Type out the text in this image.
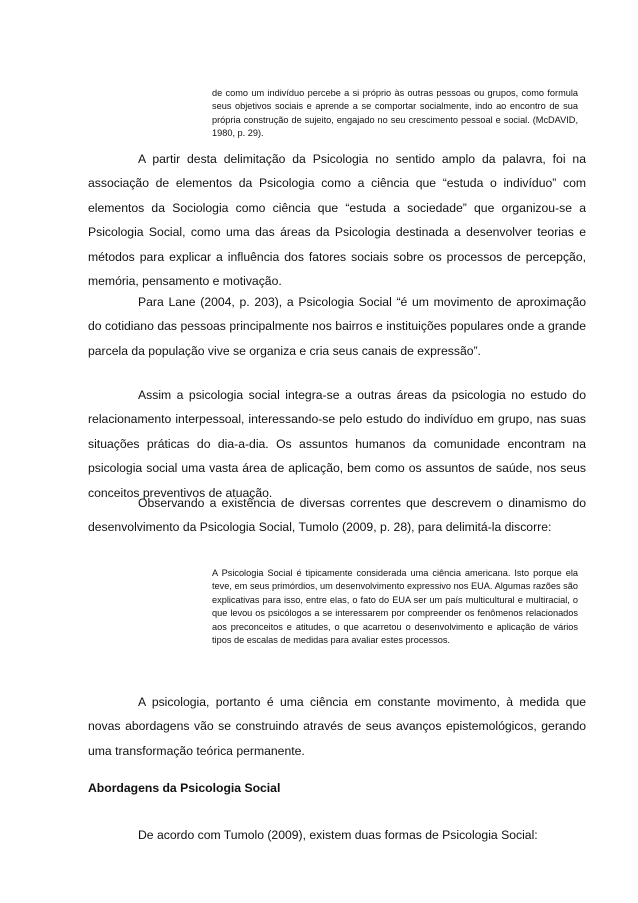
de como um indivíduo percebe a si próprio às outras pessoas ou grupos, como formula seus objetivos sociais e aprende a se comportar socialmente, indo ao encontro de sua própria construção de sujeito, engajado no seu crescimento pessoal e social. (McDAVID, 1980, p. 29).

A partir desta delimitação da Psicologia no sentido amplo da palavra, foi na associação de elementos da Psicologia como a ciência que “estuda o indivíduo” com elementos da Sociologia como ciência que “estuda a sociedade” que organizou-se a Psicologia Social, como uma das áreas da Psicologia destinada a desenvolver teorias e métodos para explicar a influência dos fatores sociais sobre os processos de percepção, memória, pensamento e motivação.

Para Lane (2004, p. 203), a Psicologia Social “é um movimento de aproximação do cotidiano das pessoas principalmente nos bairros e instituições populares onde a grande parcela da população vive se organiza e cria seus canais de expressão”.

Assim a psicologia social integra-se a outras áreas da psicologia no estudo do relacionamento interpessoal, interessando-se pelo estudo do indivíduo em grupo, nas suas situações práticas do dia-a-dia. Os assuntos humanos da comunidade encontram na psicologia social uma vasta área de aplicação, bem como os assuntos de saúde, nos seus conceitos preventivos de atuação.

Observando a existência de diversas correntes que descrevem o dinamismo do desenvolvimento da Psicologia Social, Tumolo (2009, p. 28), para delimitá-la discorre:

A Psicologia Social é tipicamente considerada uma ciência americana. Isto porque ela teve, em seus primórdios, um desenvolvimento expressivo nos EUA. Algumas razões são explicativas para isso, entre elas, o fato do EUA ser um país multicultural e multiracial, o que levou os psicólogos a se interessarem por compreender os fenômenos relacionados aos preconceitos e atitudes, o que acarretou o desenvolvimento e aplicação de vários tipos de escalas de medidas para avaliar estes processos.

A psicologia, portanto é uma ciência em constante movimento, à medida que novas abordagens vão se construindo através de seus avanços epistemológicos, gerando uma transformação teórica permanente.

Abordagens da Psicologia Social

De acordo com Tumolo (2009), existem duas formas de Psicologia Social:
